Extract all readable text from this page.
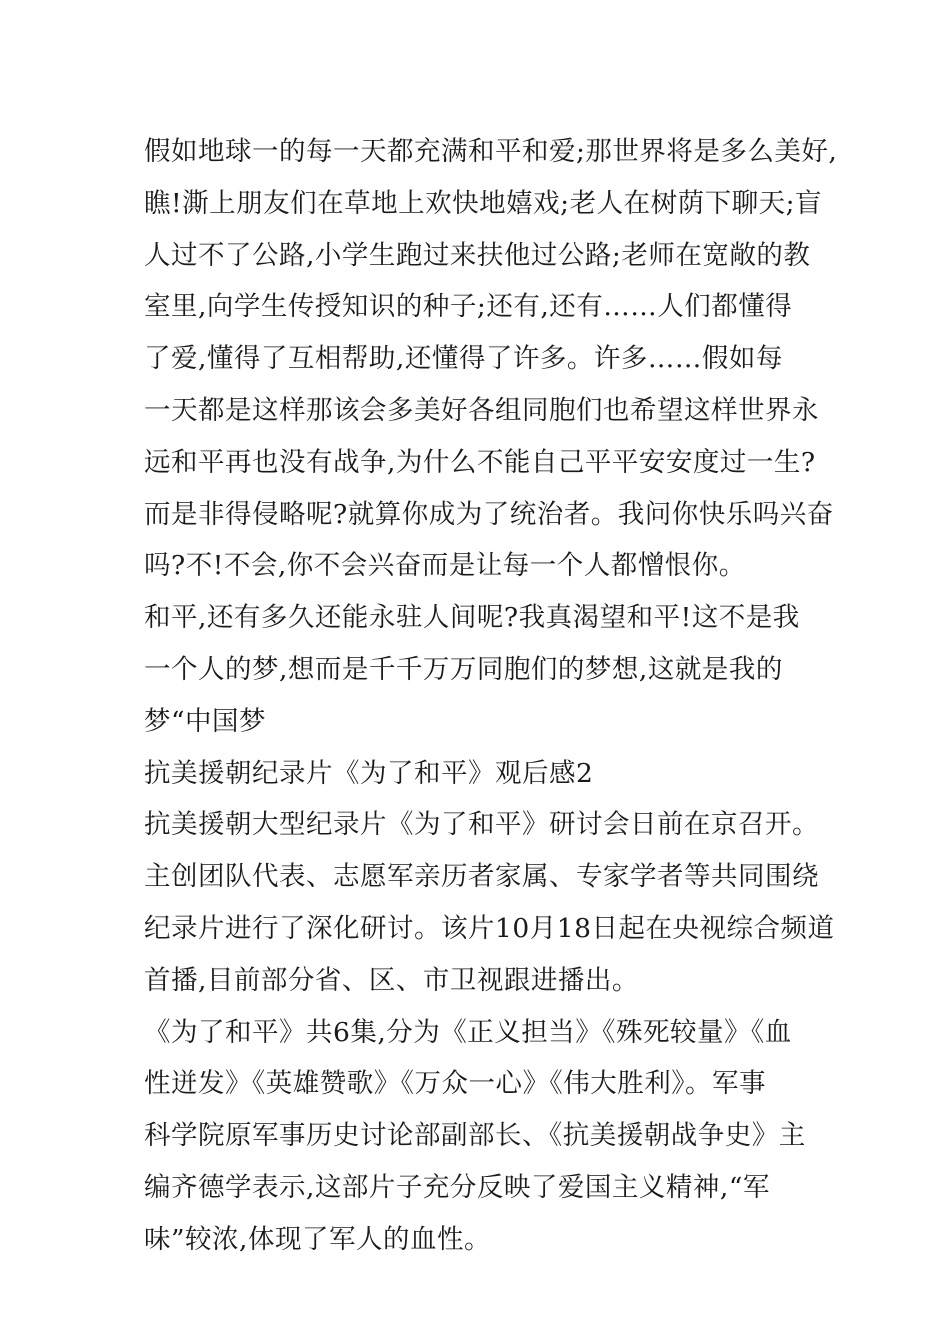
假如地球一的每一天都充满和平和爱;那世界将是多么美好,
瞧!澌上朋友们在草地上欢快地嬉戏;老人在树荫下聊天;盲
人过不了公路,小学生跑过来扶他过公路;老师在宽敞的教
室里,向学生传授知识的种子;还有,还有……人们都懂得
了爱,懂得了互相帮助,还懂得了许多。许多……假如每
一天都是这样那该会多美好各组同胞们也希望这样世界永
远和平再也没有战争,为什么不能自己平平安安度过一生?
而是非得侵略呢?就算你成为了统治者。我问你快乐吗兴奋
吗?不!不会,你不会兴奋而是让每一个人都憎恨你。
和平,还有多久还能永驻人间呢?我真渴望和平!这不是我
一个人的梦,想而是千千万万同胞们的梦想,这就是我的
梦“中国梦
抗美援朝纪录片《为了和平》观后感2
抗美援朝大型纪录片《为了和平》研讨会日前在京召开。
主创团队代表、志愿军亲历者家属、专家学者等共同围绕
纪录片进行了深化研讨。该片10月18日起在央视综合频道
首播,目前部分省、区、市卫视跟进播出。
《为了和平》共6集,分为《正义担当》《殊死较量》《血
性迸发》《英雄赞歌》《万众一心》《伟大胜利》。军事
科学院原军事历史讨论部副部长、《抗美援朝战争史》主
编齐德学表示,这部片子充分反映了爱国主义精神,“军
味”较浓,体现了军人的血性。
